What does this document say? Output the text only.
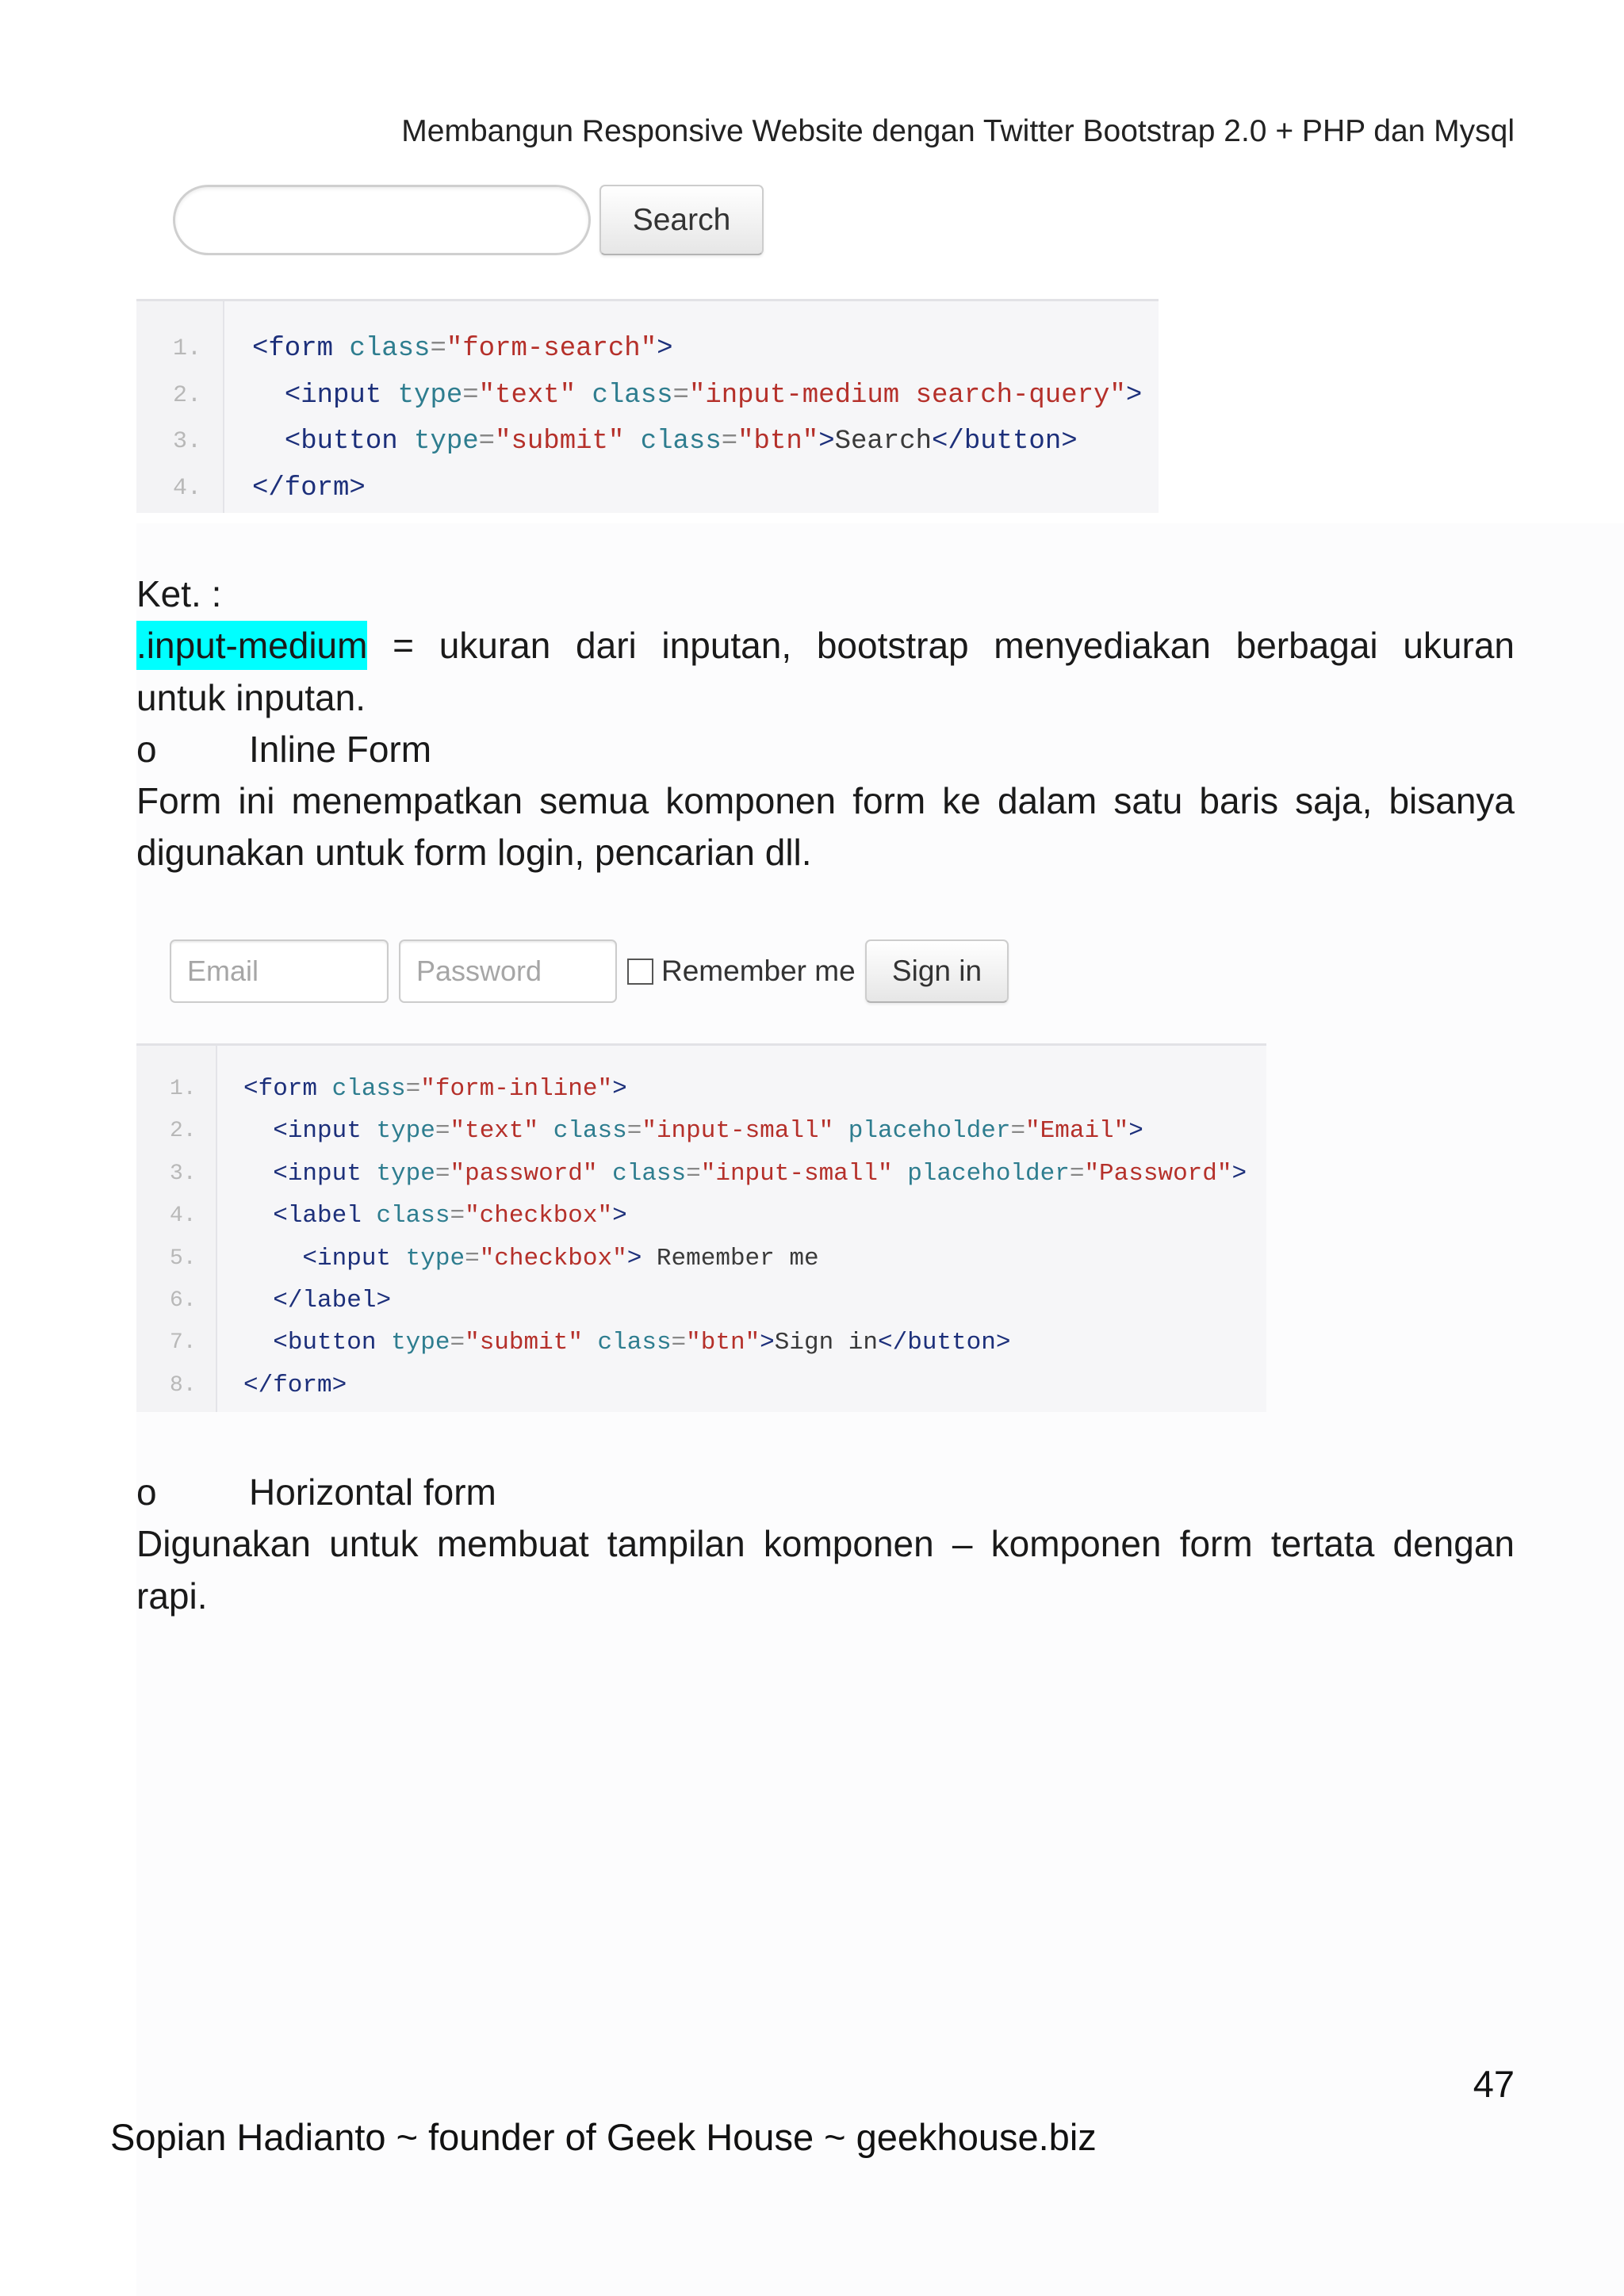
Membangun Responsive Website dengan Twitter Bootstrap 2.0 + PHP dan Mysql
Search

1.

<form class="form-search">

2.

	<input type="text" class="input-medium search-query">

3.

	<button type="submit" class="btn">Search</button>

4.

</form>

Ket. :
.input-medium = ukuran dari inputan, bootstrap menyediakan berbagai ukuran
untuk inputan.
o	Inline Form
Form ini menempatkan semua komponen form ke dalam satu baris saja, bisanya
digunakan untuk form login, pencarian dll.
Email
Remember me	Sign in

1.

<form class="form-inline">

2.

	<input type="text" class="input-small" placeholder="Email">

3.

	<input type="password" class="input-small" placeholder="Password">

4.

	<label class="checkbox">

5.

	<input type="checkbox"> Remember me

6.

	</label>

7.

	<button type="submit" class="btn">Sign in</button>

8.

</form>

o	Horizontal form
Digunakan untuk membuat tampilan komponen – komponen form tertata dengan
rapi.
47
Sopian Hadianto ~ founder of Geek House ~ geekhouse.biz
